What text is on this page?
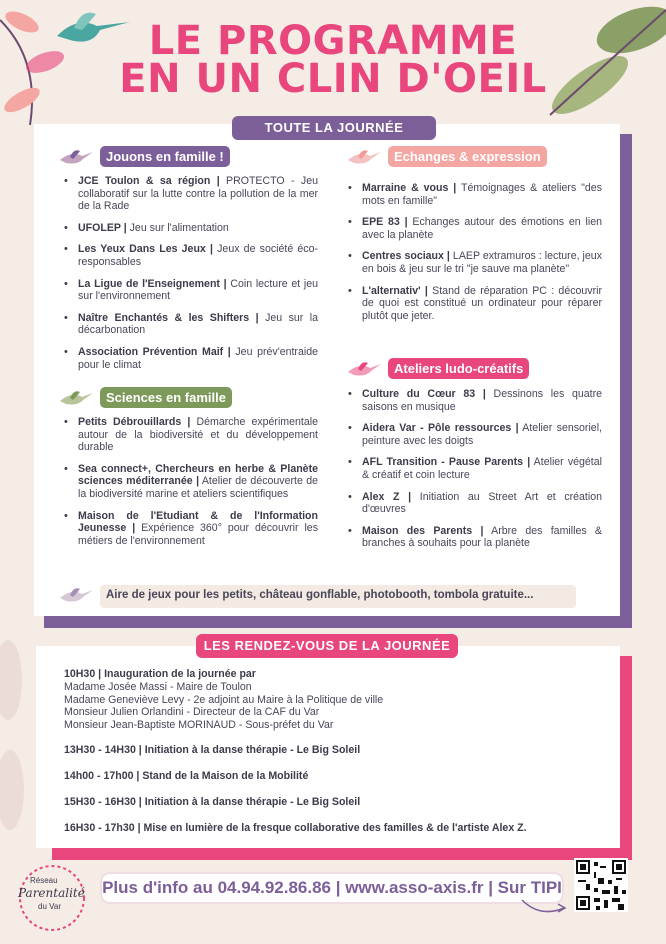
LE PROGRAMME
EN UN CLIN D'OEIL
TOUTE LA JOURNÉE
Jouons en famille !
• JCE Toulon & sa région | PROTECTO - Jeu collaboratif sur la lutte contre la pollution de la mer de la Rade
• UFOLEP | Jeu sur l'alimentation
• Les Yeux Dans Les Jeux | Jeux de société éco-responsables
• La Ligue de l'Enseignement | Coin lecture et jeu sur l'environnement
• Naître Enchantés & les Shifters | Jeu sur la décarbonation
• Association Prévention Maif | Jeu prév'entraide pour le climat
Sciences en famille
• Petits Débrouillards | Démarche expérimentale autour de la biodiversité et du développement durable
• Sea connect+, Chercheurs en herbe & Planète sciences méditerranée | Atelier de découverte de la biodiversité marine et ateliers scientifiques
• Maison de l'Etudiant & de l'Information Jeunesse | Expérience 360° pour découvrir les métiers de l'environnement
Echanges & expression
• Marraine & vous | Témoignages & ateliers "des mots en famille"
• EPE 83 | Echanges autour des émotions en lien avec la planète
• Centres sociaux | LAEP extramuros : lecture, jeux en bois & jeu sur le tri "je sauve ma planète"
• L'alternativ' | Stand de réparation PC : découvrir de quoi est constitué un ordinateur pour réparer plutôt que jeter.
Ateliers ludo-créatifs
• Culture du Cœur 83 | Dessinons les quatre saisons en musique
• Aidera Var - Pôle ressources | Atelier sensoriel, peinture avec les doigts
• AFL Transition - Pause Parents | Atelier végétal & créatif et coin lecture
• Alex Z | Initiation au Street Art et création d'œuvres
• Maison des Parents | Arbre des familles & branches à souhaits pour la planète
Aire de jeux pour les petits, château gonflable, photobooth, tombola gratuite...
LES RENDEZ-VOUS DE LA JOURNÉE
10H30 | Inauguration de la journée par
Madame Josée Massi - Maire de Toulon
Madame Geneviève Levy - 2e adjoint au Maire à la Politique de ville
Monsieur Julien Orlandini - Directeur de la CAF du Var
Monsieur Jean-Baptiste MORINAUD - Sous-préfet du Var
13H30 - 14H30 | Initiation à la danse thérapie - Le Big Soleil
14h00 - 17h00 | Stand de la Maison de la Mobilité
15H30 - 16H30 | Initiation à la danse thérapie - Le Big Soleil
16H30 - 17h30 | Mise en lumière de la fresque collaborative des familles & de l'artiste Alex Z.
Réseau
Parentalité
du Var
Plus d'info au 04.94.92.86.86 | www.asso-axis.fr | Sur TIPI
